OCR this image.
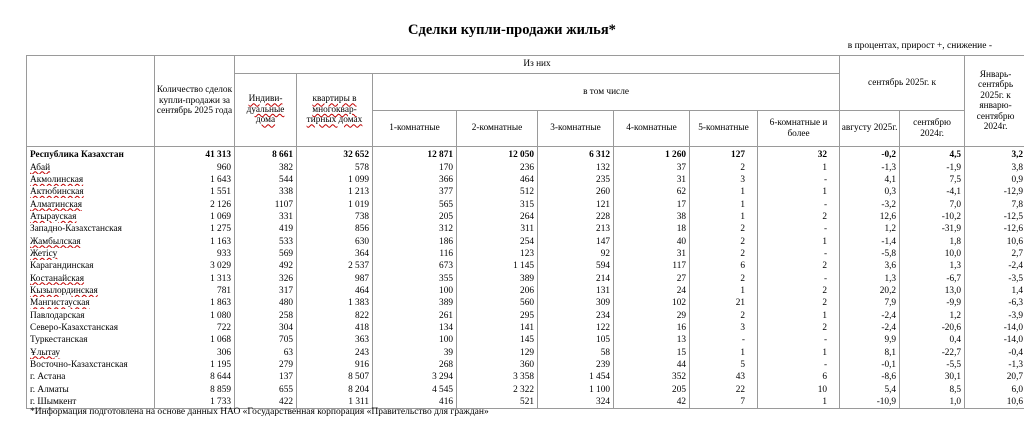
Сделки купли-продажи жилья*
в процентах, прирост +, снижение -
	Количество сделок купли-продажи за сентябрь 2025 года	Из них								сентябрь 2025г. к		Январь-сентябрь 2025г. к январю-сентябрю 2024г.
		Индиви-дуальные дома	квартиры в многоквар-тирных домах	в том числе								
				1-комнатные	2-комнатные	3-комнатные	4-комнатные	5-комнатные	6-комнатные и более	августу 2025г.	сентябрю 2024г.	
Республика Казахстан	41 313	8 661	32 652	12 871	12 050	6 312	1 260	127	32	-0,2	4,5	3,2
Абай	960	382	578	170	236	132	37	2	1	-1,3	-1,9	3,8
Акмолинская	1 643	544	1 099	366	464	235	31	3	-	4,1	7,5	0,9
Актюбинская	1 551	338	1 213	377	512	260	62	1	1	0,3	-4,1	-12,9
Алматинская	2 126	1107	1 019	565	315	121	17	1	-	-3,2	7,0	7,8
Атырауская	1 069	331	738	205	264	228	38	1	2	12,6	-10,2	-12,5
Западно-Казахстанская	1 275	419	856	312	311	213	18	2	-	1,2	-31,9	-12,6
Жамбылская	1 163	533	630	186	254	147	40	2	1	-1,4	1,8	10,6
Жетісу	933	569	364	116	123	92	31	2	-	-5,8	10,0	2,7
Карагандинская	3 029	492	2 537	673	1 145	594	117	6	2	3,6	1,3	-2,4
Костанайская	1 313	326	987	355	389	214	27	2	-	1,3	-6,7	-3,5
Кызылординская	781	317	464	100	206	131	24	1	2	20,2	13,0	1,4
Мангистауская	1 863	480	1 383	389	560	309	102	21	2	7,9	-9,9	-6,3
Павлодарская	1 080	258	822	261	295	234	29	2	1	-2,4	1,2	-3,9
Северо-Казахстанская	722	304	418	134	141	122	16	3	2	-2,4	-20,6	-14,0
Туркестанская	1 068	705	363	100	145	105	13	-	-	9,9	0,4	-14,0
Ұлытау	306	63	243	39	129	58	15	1	1	8,1	-22,7	-0,4
Восточно-Казахстанская	1 195	279	916	268	360	239	44	5	-	-0,1	-5,5	-1,3
г. Астана	8 644	137	8 507	3 294	3 358	1 454	352	43	6	-8,6	30,1	20,7
г. Алматы	8 859	655	8 204	4 545	2 322	1 100	205	22	10	5,4	8,5	6,0
г. Шымкент	1 733	422	1 311	416	521	324	42	7	1	-10,9	1,0	10,6
*Информация подготовлена на основе данных НАО «Государственная корпорация «Правительство для граждан»
